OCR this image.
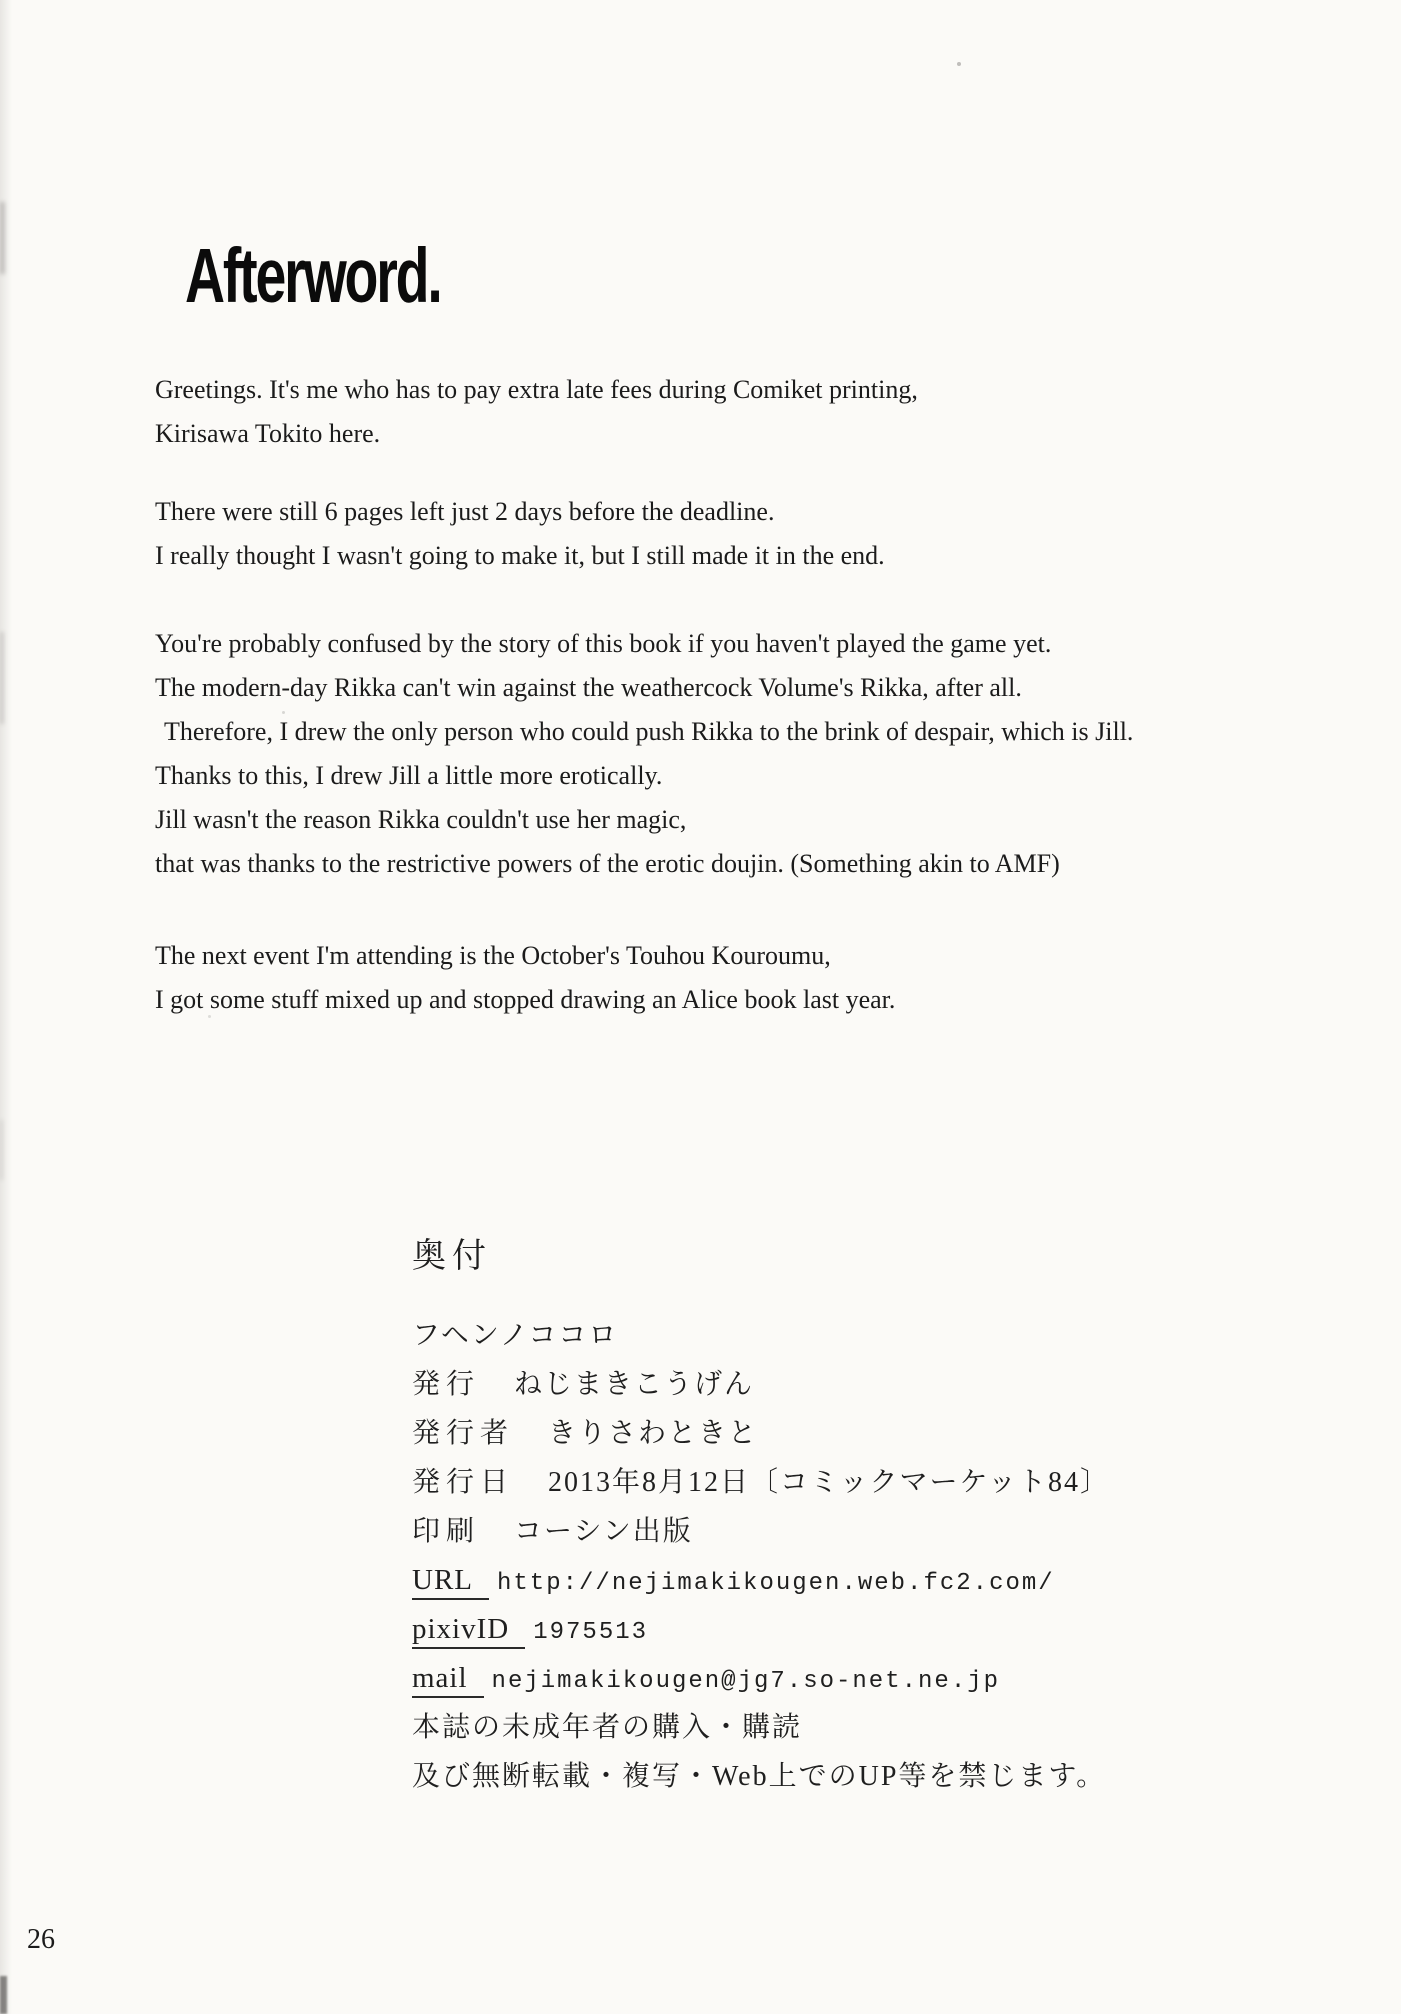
Afterword.
Greetings. It's me who has to pay extra late fees during Comiket printing,
Kirisawa Tokito here.
There were still 6 pages left just 2 days before the deadline.
I really thought I wasn't going to make it, but I still made it in the end.
You're probably confused by the story of this book if you haven't played the game yet.
The modern-day Rikka can't win against the weathercock Volume's Rikka, after all.
Therefore, I drew the only person who could push Rikka to the brink of despair, which is Jill.
Thanks to this, I drew Jill a little more erotically.
Jill wasn't the reason Rikka couldn't use her magic,
that was thanks to the restrictive powers of the erotic doujin. (Something akin to AMF)
The next event I'm attending is the October's Touhou Kouroumu,
I got some stuff mixed up and stopped drawing an Alice book last year.
奥付
フヘンノココロ
発行 ねじまきこうげん
発行者 きりさわときと
発行日 2013年8月12日〔コミックマーケット84〕
印刷 コーシン出版
URL http://nejimakikougen.web.fc2.com/
pixivID 1975513
mail nejimakikougen@jg7.so-net.ne.jp
本誌の未成年者の購入・購読
及び無断転載・複写・Web上でのUP等を禁じます。
26
